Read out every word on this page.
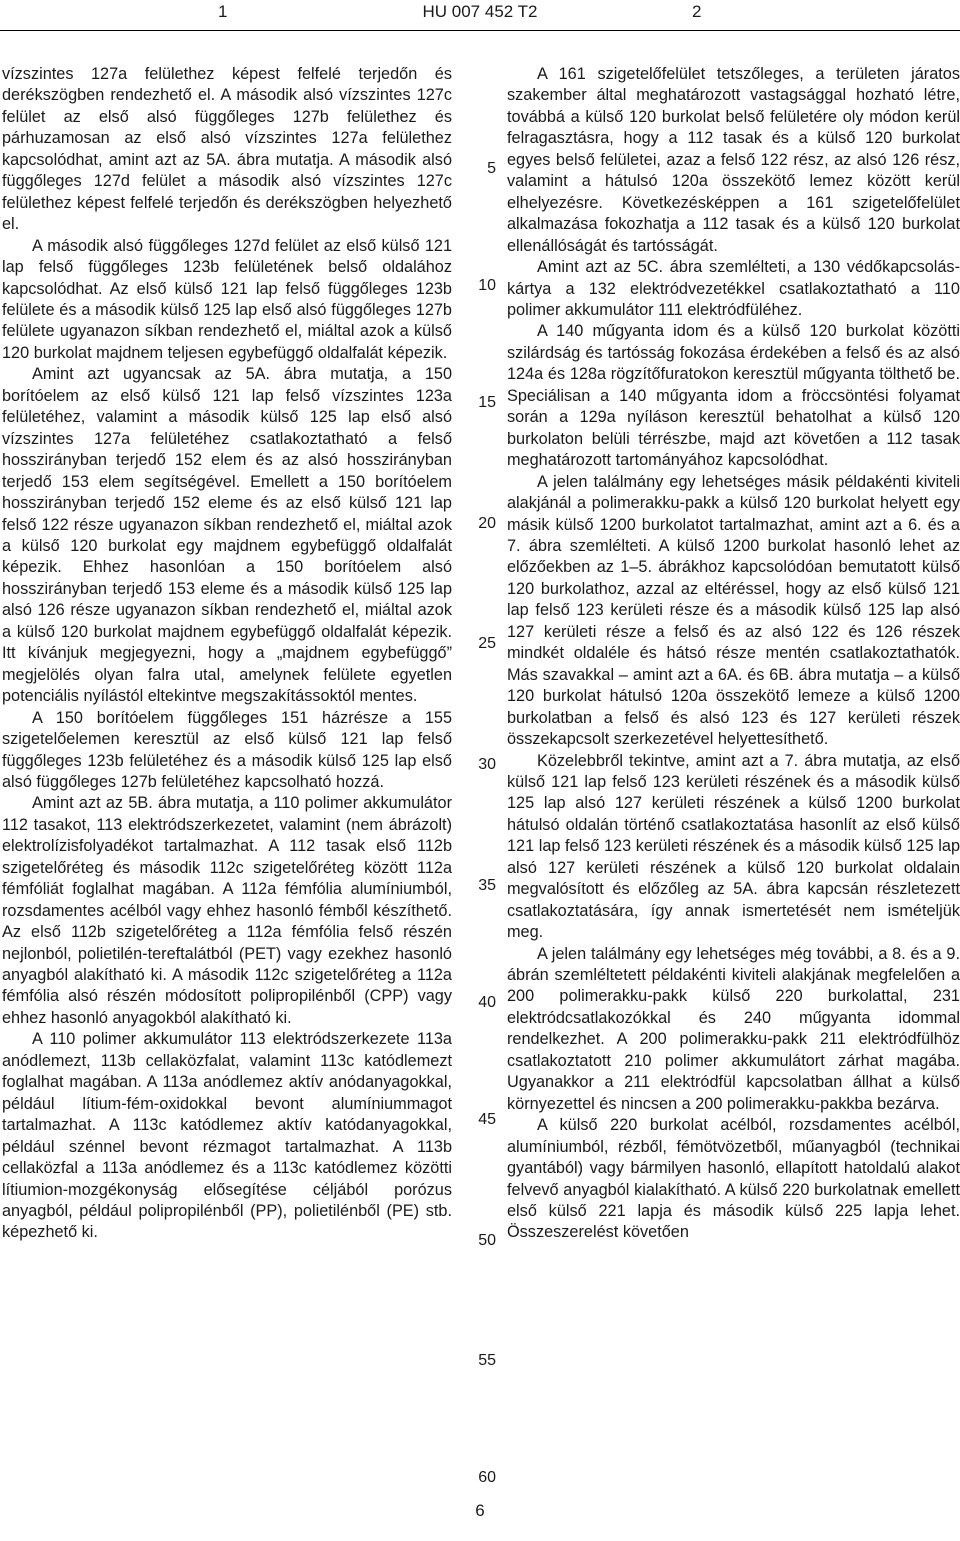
1	HU 007 452 T2	2

vízszintes 127a felülethez képest felfelé terjedőn és derékszögben rendezhető el. A második alsó vízszintes 127c felület az első alsó függőleges 127b felülethez és párhuzamosan az első alsó vízszintes 127a felülethez kapcsolódhat, amint azt az 5A. ábra mutatja. A második alsó függőleges 127d felület a második alsó vízszintes 127c felülethez képest felfelé terjedőn és derékszögben helyezhető el.

A második alsó függőleges 127d felület az első külső 121 lap felső függőleges 123b felületének belső oldalához kapcsolódhat. Az első külső 121 lap felső függőleges 123b felülete és a második külső 125 lap első alsó függőleges 127b felülete ugyanazon síkban rendezhető el, miáltal azok a külső 120 burkolat majdnem teljesen egybefüggő oldalfalát képezik.

Amint azt ugyancsak az 5A. ábra mutatja, a 150 borítóelem az első külső 121 lap felső vízszintes 123a felületéhez, valamint a második külső 125 lap első alsó vízszintes 127a felületéhez csatlakoztatható a felső hosszirányban terjedő 152 elem és az alsó hosszirányban terjedő 153 elem segítségével. Emellett a 150 borítóelem hosszirányban terjedő 152 eleme és az első külső 121 lap felső 122 része ugyanazon síkban rendezhető el, miáltal azok a külső 120 burkolat egy majdnem egybefüggő oldalfalát képezik. Ehhez hasonlóan a 150 borítóelem alsó hosszirányban terjedő 153 eleme és a második külső 125 lap alsó 126 része ugyanazon síkban rendezhető el, miáltal azok a külső 120 burkolat majdnem egybefüggő oldalfalát képezik. Itt kívánjuk megjegyezni, hogy a „majdnem egybefüggő” megjelölés olyan falra utal, amelynek felülete egyetlen potenciális nyílástól eltekintve megszakítássoktól mentes.

A 150 borítóelem függőleges 151 házrésze a 155 szigetelőelemen keresztül az első külső 121 lap felső függőleges 123b felületéhez és a második külső 125 lap első alsó függőleges 127b felületéhez kapcsolható hozzá.

Amint azt az 5B. ábra mutatja, a 110 polimer akkumulátor 112 tasakot, 113 elektródszerkezetet, valamint (nem ábrázolt) elektrolízisfolyadékot tartalmazhat. A 112 tasak első 112b szigetelőréteg és második 112c szigetelőréteg között 112a fémfóliát foglalhat magában. A 112a fémfólia alumíniumból, rozsdamentes acélból vagy ehhez hasonló fémből készíthető. Az első 112b szigetelőréteg a 112a fémfólia felső részén nejlonból, polietilén-tereftalátból (PET) vagy ezekhez hasonló anyagból alakítható ki. A második 112c szigetelőréteg a 112a fémfólia alsó részén módosított polipropilénből (CPP) vagy ehhez hasonló anyagokból alakítható ki.

A 110 polimer akkumulátor 113 elektródszerkezete 113a anódlemezt, 113b cellaközfalat, valamint 113c katódlemezt foglalhat magában. A 113a anódlemez aktív anódanyagokkal, például lítium-fém-oxidokkal bevont alumíniummagot tartalmazhat. A 113c katódlemez aktív katódanyagokkal, például szénnel bevont rézmagot tartalmazhat. A 113b cellaközfal a 113a anódlemez és a 113c katódlemez közötti lítiumion-mozgékonyság elősegítése céljából porózus anyagból, például polipropilénből (PP), polietilénből (PE) stb. képezhető ki.

A 161 szigetelőfelület tetszőleges, a területen járatos szakember által meghatározott vastagsággal hozható létre, továbbá a külső 120 burkolat belső felületére oly módon kerül felragasztásra, hogy a 112 tasak és a külső 120 burkolat egyes belső felületei, azaz a felső 122 rész, az alsó 126 rész, valamint a hátulsó 120a összekötő lemez között kerül elhelyezésre. Következésképpen a 161 szigetelőfelület alkalmazása fokozhatja a 112 tasak és a külső 120 burkolat ellenállóságát és tartósságát.

Amint azt az 5C. ábra szemlélteti, a 130 védőkapcsolás-kártya a 132 elektródvezetékkel csatlakoztatható a 110 polimer akkumulátor 111 elektródfüléhez.

A 140 műgyanta idom és a külső 120 burkolat közötti szilárdság és tartósság fokozása érdekében a felső és az alsó 124a és 128a rögzítőfuratokon keresztül műgyanta tölthető be. Speciálisan a 140 műgyanta idom a fröccsöntési folyamat során a 129a nyíláson keresztül behatolhat a külső 120 burkolaton belüli térrészbe, majd azt követően a 112 tasak meghatározott tartományához kapcsolódhat.

A jelen találmány egy lehetséges másik példakénti kiviteli alakjánál a polimerakku-pakk a külső 120 burkolat helyett egy másik külső 1200 burkolatot tartalmazhat, amint azt a 6. és a 7. ábra szemlélteti. A külső 1200 burkolat hasonló lehet az előzőekben az 1–5. ábrákhoz kapcsolódóan bemutatott külső 120 burkolathoz, azzal az eltéréssel, hogy az első külső 121 lap felső 123 kerületi része és a második külső 125 lap alsó 127 kerületi része a felső és az alsó 122 és 126 részek mindkét oldaléle és hátsó része mentén csatlakoztathatók. Más szavakkal – amint azt a 6A. és 6B. ábra mutatja – a külső 120 burkolat hátulsó 120a összekötő lemeze a külső 1200 burkolatban a felső és alsó 123 és 127 kerületi részek összekapcsolt szerkezetével helyettesíthető.

Közelebbről tekintve, amint azt a 7. ábra mutatja, az első külső 121 lap felső 123 kerületi részének és a második külső 125 lap alsó 127 kerületi részének a külső 1200 burkolat hátulsó oldalán történő csatlakoztatása hasonlít az első külső 121 lap felső 123 kerületi részének és a második külső 125 lap alsó 127 kerületi részének a külső 120 burkolat oldalain megvalósított és előzőleg az 5A. ábra kapcsán részletezett csatlakoztatására, így annak ismertetését nem ismételjük meg.

A jelen találmány egy lehetséges még további, a 8. és a 9. ábrán szemléltetett példakénti kiviteli alakjának megfelelően a 200 polimerakku-pakk külső 220 burkolattal, 231 elektródcsatlakozókkal és 240 műgyanta idommal rendelkezhet. A 200 polimerakku-pakk 211 elektródfülhöz csatlakoztatott 210 polimer akkumulátort zárhat magába. Ugyanakkor a 211 elektródfül kapcsolatban állhat a külső környezettel és nincsen a 200 polimerakku-pakkba bezárva.

A külső 220 burkolat acélból, rozsdamentes acélból, alumíniumból, rézből, fémötvözetből, műanyagból (technikai gyantából) vagy bármilyen hasonló, ellapított hatoldalú alakot felvevő anyagból kialakítható. A külső 220 burkolatnak emellett első külső 221 lapja és második külső 225 lapja lehet. Összeszerelést követően

5
10
15
20
25
30
35
40
45
50
55
60
6
